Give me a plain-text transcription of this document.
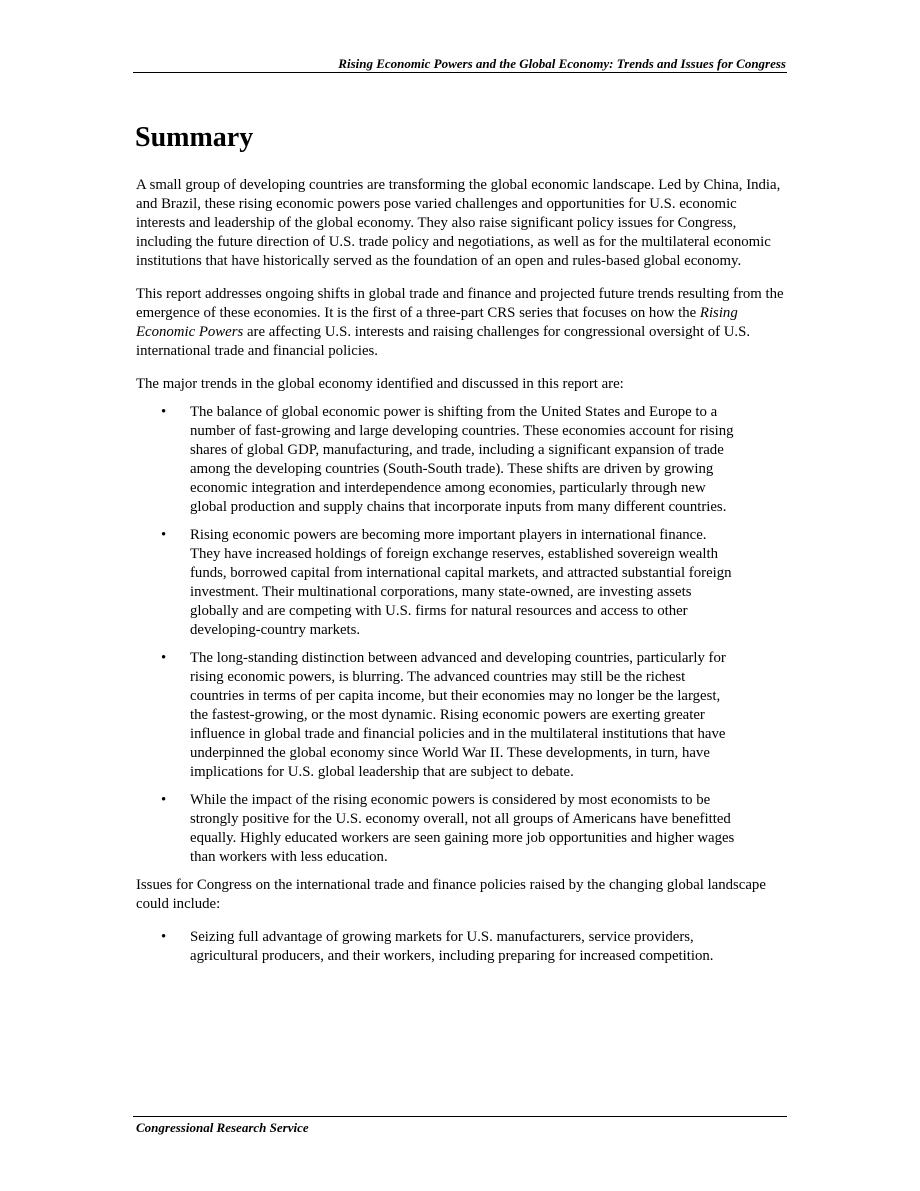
Rising Economic Powers and the Global Economy: Trends and Issues for Congress
Summary

A small group of developing countries are transforming the global economic landscape. Led by China, India, and Brazil, these rising economic powers pose varied challenges and opportunities for U.S. economic interests and leadership of the global economy. They also raise significant policy issues for Congress, including the future direction of U.S. trade policy and negotiations, as well as for the multilateral economic institutions that have historically served as the foundation of an open and rules-based global economy.

This report addresses ongoing shifts in global trade and finance and projected future trends resulting from the emergence of these economies. It is the first of a three-part CRS series that focuses on how the Rising Economic Powers are affecting U.S. interests and raising challenges for congressional oversight of U.S. international trade and financial policies.

The major trends in the global economy identified and discussed in this report are:

• The balance of global economic power is shifting from the United States and Europe to a number of fast-growing and large developing countries. These economies account for rising shares of global GDP, manufacturing, and trade, including a significant expansion of trade among the developing countries (South-South trade). These shifts are driven by growing economic integration and interdependence among economies, particularly through new global production and supply chains that incorporate inputs from many different countries.
• Rising economic powers are becoming more important players in international finance. They have increased holdings of foreign exchange reserves, established sovereign wealth funds, borrowed capital from international capital markets, and attracted substantial foreign investment. Their multinational corporations, many state-owned, are investing assets globally and are competing with U.S. firms for natural resources and access to other developing-country markets.
• The long-standing distinction between advanced and developing countries, particularly for rising economic powers, is blurring. The advanced countries may still be the richest countries in terms of per capita income, but their economies may no longer be the largest, the fastest-growing, or the most dynamic. Rising economic powers are exerting greater influence in global trade and financial policies and in the multilateral institutions that have underpinned the global economy since World War II. These developments, in turn, have implications for U.S. global leadership that are subject to debate.
• While the impact of the rising economic powers is considered by most economists to be strongly positive for the U.S. economy overall, not all groups of Americans have benefitted equally. Highly educated workers are seen gaining more job opportunities and higher wages than workers with less education.

Issues for Congress on the international trade and finance policies raised by the changing global landscape could include:

• Seizing full advantage of growing markets for U.S. manufacturers, service providers, agricultural producers, and their workers, including preparing for increased competition.
Congressional Research Service
